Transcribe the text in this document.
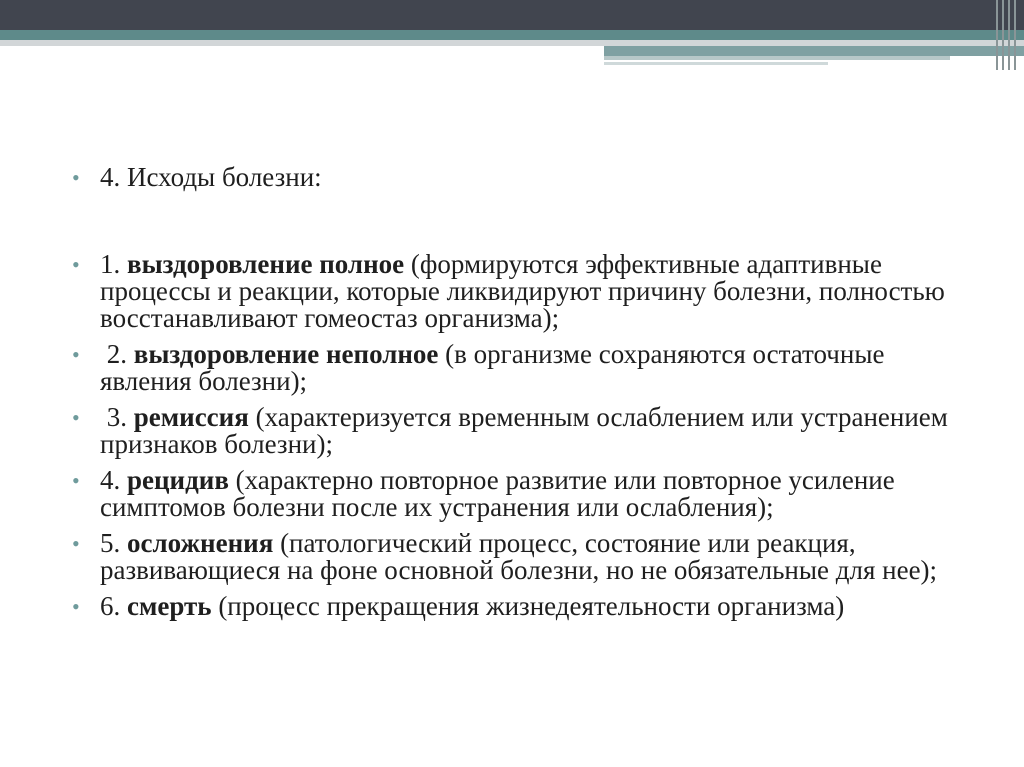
• 4. Исходы болезни:
• 1. выздоровление полное (формируются эффективные адаптивные процессы и реакции, которые ликвидируют причину болезни, полностью восстанавливают гомеостаз организма);
• 2. выздоровление неполное (в организме сохраняются остаточные явления болезни);
• 3. ремиссия (характеризуется временным ослаблением или устранением признаков болезни);
• 4. рецидив (характерно повторное развитие или повторное усиление симптомов болезни после их устранения или ослабления);
• 5. осложнения (патологический процесс, состояние или реакция, развивающиеся на фоне основной болезни, но не обязательные для нее);
• 6. смерть (процесс прекращения жизнедеятельности организма)
